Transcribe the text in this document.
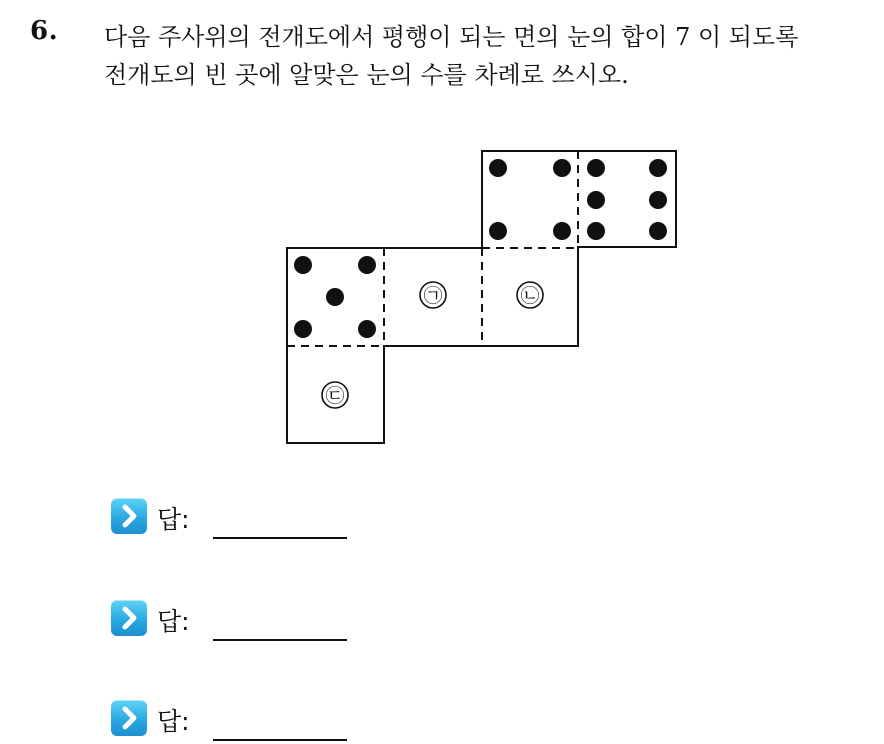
6. 다음 주사위의 전개도에서 평행이 되는 면의 눈의 합이 7 이 되도록
전개도의 빈 곳에 알맞은 눈의 수를 차례로 쓰시오.
㉠	㉡
㉢
답:
답:
답:
